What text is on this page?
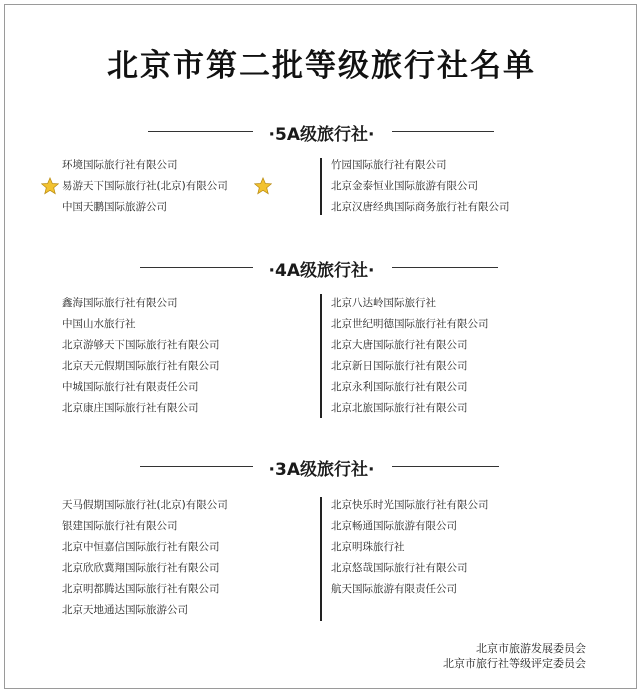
北京市第二批等级旅行社名单
·5A级旅行社·
环境国际旅行社有限公司
易游天下国际旅行社(北京)有限公司
中国天鹏国际旅游公司
竹园国际旅行社有限公司
北京金泰恒业国际旅游有限公司
北京汉唐经典国际商务旅行社有限公司
·4A级旅行社·
鑫海国际旅行社有限公司
中国山水旅行社
北京游够天下国际旅行社有限公司
北京天元假期国际旅行社有限公司
中城国际旅行社有限责任公司
北京康庄国际旅行社有限公司
北京八达岭国际旅行社
北京世纪明德国际旅行社有限公司
北京大唐国际旅行社有限公司
北京新日国际旅行社有限公司
北京永利国际旅行社有限公司
北京北旅国际旅行社有限公司
·3A级旅行社·
天马假期国际旅行社(北京)有限公司
银建国际旅行社有限公司
北京中恒嘉信国际旅行社有限公司
北京欣欣冀翔国际旅行社有限公司
北京明都腾达国际旅行社有限公司
北京天地通达国际旅游公司
北京快乐时光国际旅行社有限公司
北京畅通国际旅游有限公司
北京明珠旅行社
北京悠哉国际旅行社有限公司
航天国际旅游有限责任公司
北京市旅游发展委员会
北京市旅行社等级评定委员会
